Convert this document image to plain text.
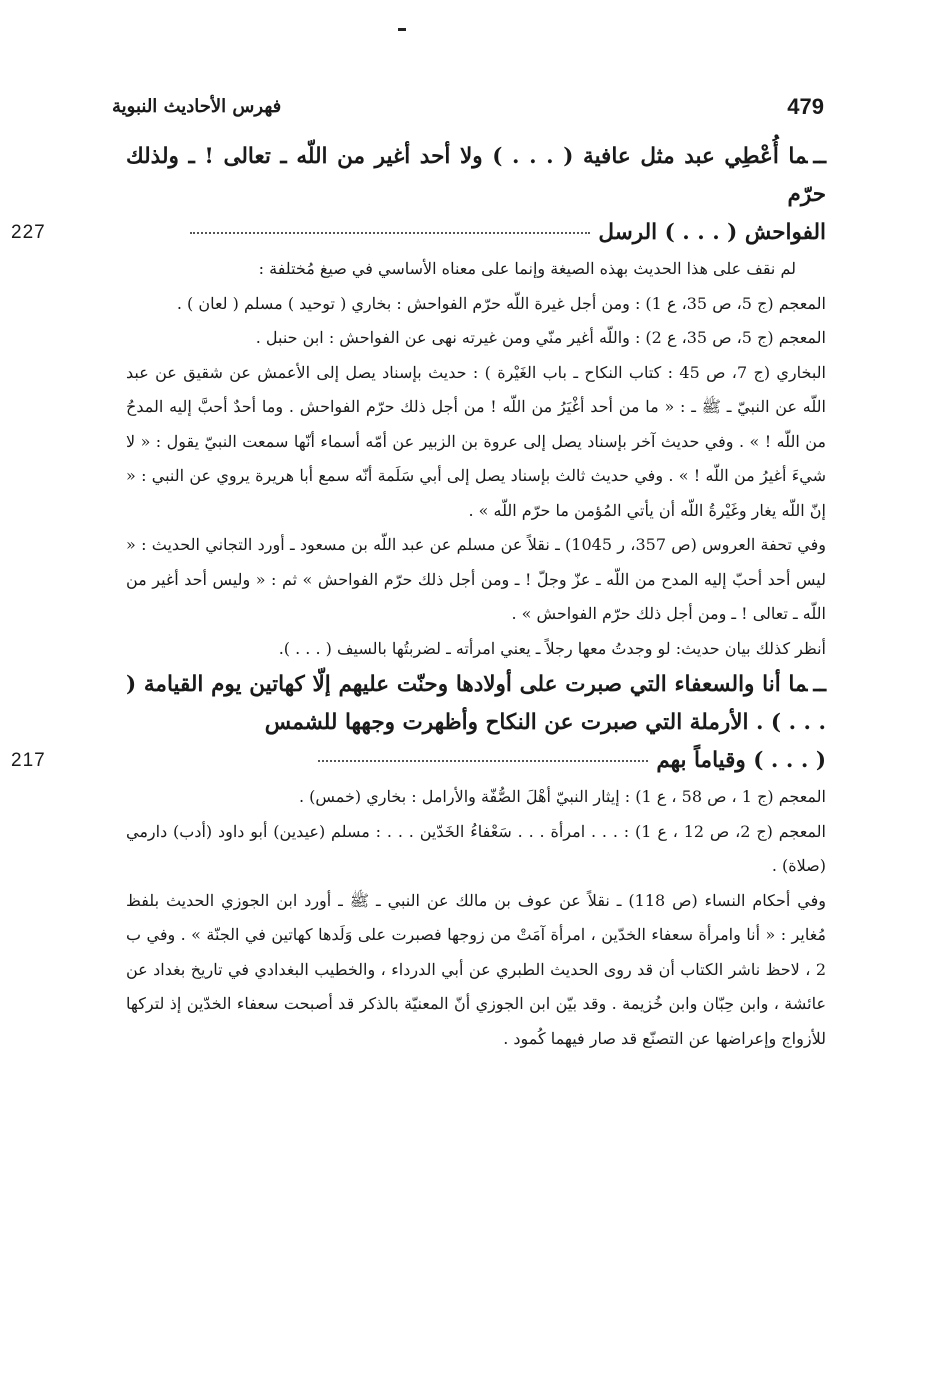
479
فهرس الأحاديث النبوية

ــما أُعْطِي عبد مثل عافية ( . . . ) ولا أحد أغير من اللّه ـ تعالى ! ـ ولذلك حرّم

الفواحش ( . . . ) الرسل
227

لم نقف على هذا الحديث بهذه الصيغة وإنما على معناه الأساسي في صيغ مُختلفة :

المعجم (ج 5، ص 35، ع 1) : ومن أجل غيرة اللّه حرّم الفواحش : بخاري ( توحيد ) مسلم ( لعان ) .

المعجم (ج 5، ص 35، ع 2) : واللّه أغير منّي ومن غيرته نهى عن الفواحش : ابن حنبل .

البخاري (ج 7، ص 45 : كتاب النكاح ـ باب الغَيْرة ) : حديث بإسناد يصل إلى الأعمش عن شقيق عن عبد اللّه عن النبيّ ـ ﷺ ـ : « ما من أحد أغْيَرُ من اللّه ! من أجل ذلك حرّم الفواحش . وما أحدٌ أحبَّ إليه المدحُ من اللّه ! » . وفي حديث آخر بإسناد يصل إلى عروة بن الزبير عن أمّه أسماء أنّها سمعت النبيّ يقول : « لا شيءَ أغيرُ من اللّه ! » . وفي حديث ثالث بإسناد يصل إلى أبي سَلَمة أنّه سمع أبا هريرة يروي عن النبي : « إنّ اللّه يغار وغَيْرةُ اللّه أن يأتي المُؤمن ما حرّم اللّه » .

وفي تحفة العروس (ص 357، ر 1045) ـ نقلاً عن مسلم عن عبد اللّه بن مسعود ـ أورد التجاني الحديث : « ليس أحد أحبّ إليه المدح من اللّه ـ عزّ وجلّ ! ـ ومن أجل ذلك حرّم الفواحش » ثم : « وليس أحد أغير من اللّه ـ تعالى ! ـ ومن أجل ذلك حرّم الفواحش » .

أنظر كذلك بيان حديث: لو وجدتُ معها رجلاً ـ يعني امرأته ـ لضربتُها بالسيف ( . . . ).

ــما أنا والسعفاء التي صبرت على أولادها وحنّت عليهم إلّا كهاتين يوم القيامة ( . . . ) . الأرملة التي صبرت عن النكاح وأظهرت وجهها للشمس

( . . . ) وقياماً بهم
217

المعجم (ج 1 ، ص 58 ، ع 1) : إيثار النبيّ أهْلَ الصُّفّة والأرامل : بخاري (خمس) .

المعجم (ج 2، ص 12 ، ع 1) : . . . امرأة . . . سَعْفاءُ الخَدّين . . . : مسلم (عيدين) أبو داود (أدب) دارمي (صلاة) .

وفي أحكام النساء (ص 118) ـ نقلاً عن عوف بن مالك عن النبي ـ ﷺ ـ أورد ابن الجوزي الحديث بلفظ مُغاير : « أنا وامرأة سعفاء الخدّين ، امرأة آمَتْ من زوجها فصبرت على وَلَدها كهاتين في الجنّة » . وفي ب 2 ، لاحظ ناشر الكتاب أن قد روى الحديث الطبري عن أبي الدرداء ، والخطيب البغدادي في تاريخ بغداد عن عائشة ، وابن حِبّان وابن خُزيمة . وقد بيّن ابن الجوزي أنّ المعنيّة بالذكر قد أصبحت سعفاء الخدّين إذ لتركها للأزواج وإعراضها عن التصنّع قد صار فيهما كُمود .
